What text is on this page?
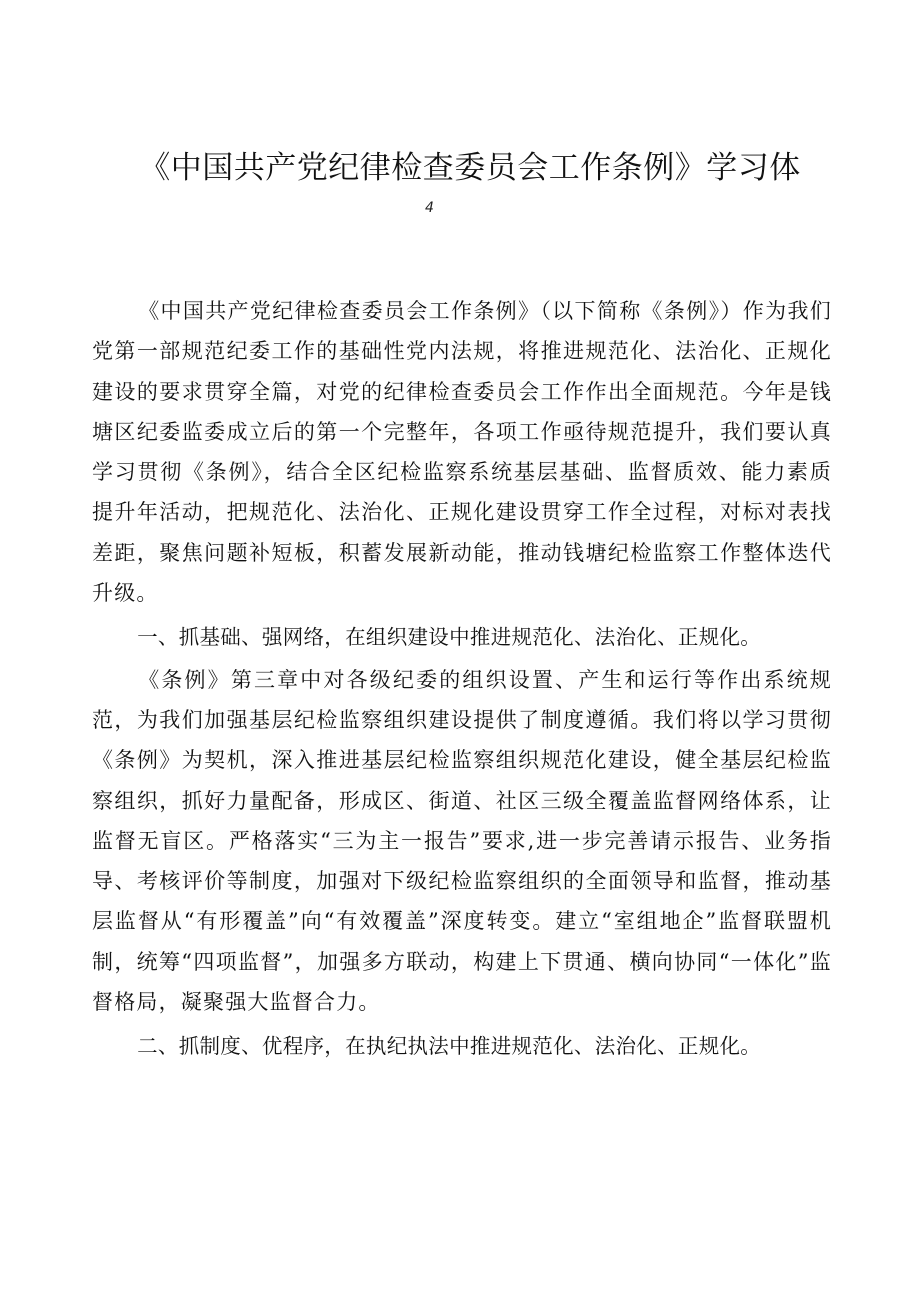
《中国共产党纪律检查委员会工作条例》学习体
4

《中国共产党纪律检查委员会工作条例》（以下简称《条例》）作为我们党第一部规范纪委工作的基础性党内法规，将推进规范化、法治化、正规化建设的要求贯穿全篇，对党的纪律检查委员会工作作出全面规范。今年是钱塘区纪委监委成立后的第一个完整年，各项工作亟待规范提升，我们要认真学习贯彻《条例》，结合全区纪检监察系统基层基础、监督质效、能力素质提升年活动，把规范化、法治化、正规化建设贯穿工作全过程，对标对表找差距，聚焦问题补短板，积蓄发展新动能，推动钱塘纪检监察工作整体迭代升级。

一、抓基础、强网络，在组织建设中推进规范化、法治化、正规化。

《条例》第三章中对各级纪委的组织设置、产生和运行等作出系统规范，为我们加强基层纪检监察组织建设提供了制度遵循。我们将以学习贯彻《条例》为契机，深入推进基层纪检监察组织规范化建设，健全基层纪检监察组织，抓好力量配备，形成区、街道、社区三级全覆盖监督网络体系，让监督无盲区。严格落实“三为主一报告”要求,进一步完善请示报告、业务指导、考核评价等制度，加强对下级纪检监察组织的全面领导和监督，推动基层监督从“有形覆盖”向“有效覆盖”深度转变。建立“室组地企”监督联盟机制，统筹“四项监督”，加强多方联动，构建上下贯通、横向协同“一体化”监督格局，凝聚强大监督合力。

二、抓制度、优程序，在执纪执法中推进规范化、法治化、正规化。
